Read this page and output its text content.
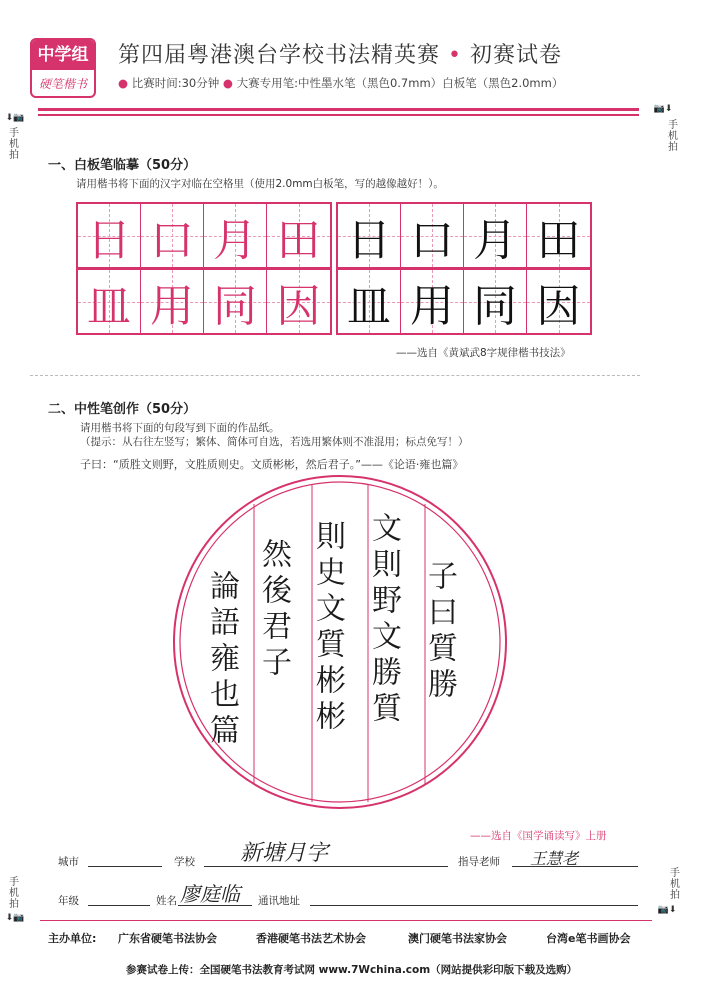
中学组
硬笔楷书
第四届粤港澳台学校书法精英赛 • 初赛试卷
● 比赛时间:30分钟 ● 大赛专用笔:中性墨水笔（黑色0.7mm）白板笔（黑色2.0mm）
⬇📷
手机拍
📷⬇
手机拍
手机拍
⬇📷
手机拍
📷⬇
一、白板笔临摹（50分）
请用楷书将下面的汉字对临在空格里（使用2.0mm白板笔，写的越像越好！）。
日 口 月 田 日 口 月 田
皿 用 同 因 皿 用 同 因
——选自《黄斌武8字规律楷书技法》
二、中性笔创作（50分）
请用楷书将下面的句段写到下面的作品纸。
（提示：从右往左竖写；繁体、简体可自选，若选用繁体则不准混用；标点免写！）
子曰：“质胜文则野，文胜质则史。文质彬彬，然后君子。”——《论语·雍也篇》
子曰質勝
文則野文勝質
則史文質彬彬
然後君子
論語雍也篇
——选自《国学诵读写》上册
城市	学校 新塘月字	指导老师 王慧老
年级	姓名 廖庭临 通讯地址
主办单位: 广东省硬笔书法协会	香港硬笔书法艺术协会	澳门硬笔书法家协会	台湾e笔书画协会
参赛试卷上传：全国硬笔书法教育考试网 www.7Wchina.com（网站提供彩印版下载及选购）
